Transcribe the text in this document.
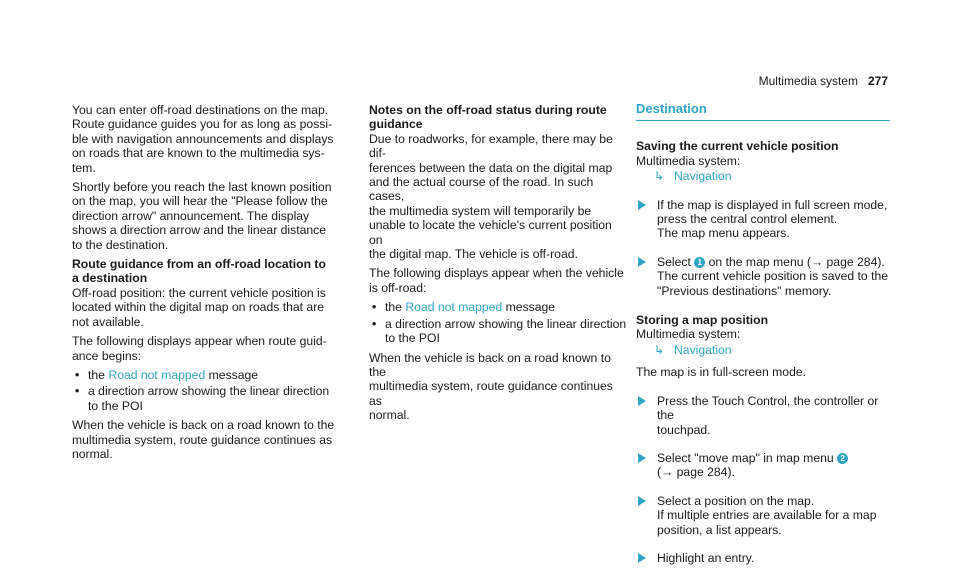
Multimedia system 277

You can enter off-road destinations on the map.
Route guidance guides you for as long as possi-
ble with navigation announcements and displays
on roads that are known to the multimedia sys-
tem.

Shortly before you reach the last known position
on the map, you will hear the "Please follow the
direction arrow" announcement. The display
shows a direction arrow and the linear distance
to the destination.

Route guidance from an off-road location to
a destination

Off-road position: the current vehicle position is
located within the digital map on roads that are
not available.

The following displays appear when route guid-
ance begins:

• the Road not mapped message
• a direction arrow showing the linear direction
to the POI

When the vehicle is back on a road known to the
multimedia system, route guidance continues as
normal.

Notes on the off-road status during route
guidance

Due to roadworks, for example, there may be dif-
ferences between the data on the digital map
and the actual course of the road. In such cases,
the multimedia system will temporarily be
unable to locate the vehicle's current position on
the digital map. The vehicle is off-road.

The following displays appear when the vehicle
is off-road:

• the Road not mapped message
• a direction arrow showing the linear direction
to the POI

When the vehicle is back on a road known to the
multimedia system, route guidance continues as
normal.

Destination

Saving the current vehicle position

Multimedia system:

↳ Navigation
If the map is displayed in full screen mode,
press the central control element.
The map menu appears.
Select 1 on the map menu (→ page 284).
The current vehicle position is saved to the
"Previous destinations" memory.

Storing a map position

Multimedia system:

↳ Navigation

The map is in full-screen mode.

Press the Touch Control, the controller or the
touchpad.
Select "move map" in map menu 2
(→ page 284).
Select a position on the map.
If multiple entries are available for a map
position, a list appears.
Highlight an entry.
